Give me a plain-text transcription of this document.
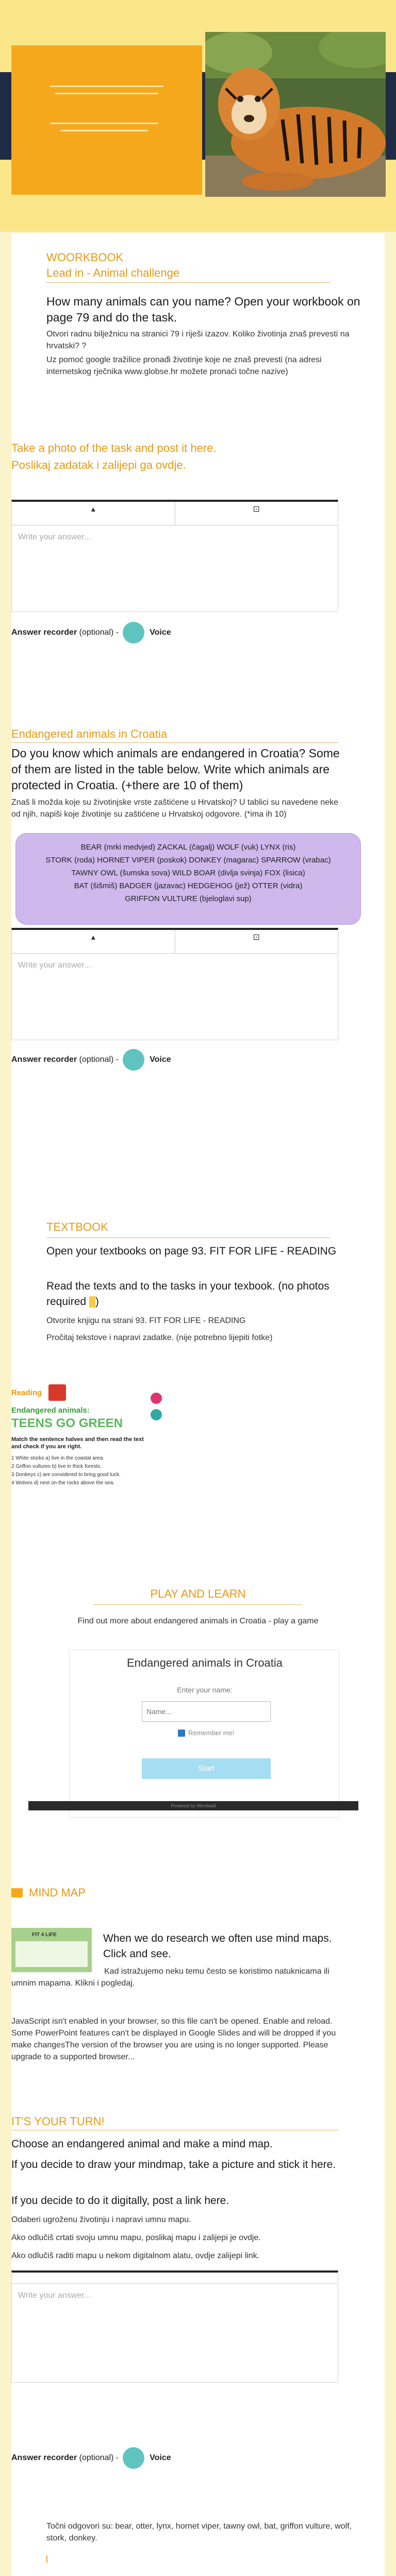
WOORKBOOK
Lead in - Animal challenge
How many animals can you name? Open your workbook on page 79 and do the task.
Otvori radnu bilježnicu na stranici 79 i riješi izazov. Koliko životinja znaš prevesti na hrvatski? ?
Uz pomoć google tražilice pronađi životinje koje ne znaš prevesti (na adresi internetskog rječnika www.globse.hr možete pronaći točne nazive)
Take a photo of the task and post it here.
Poslikaj zadatak i zalijepi ga ovdje.
▴	⊡
Write your answer...
Answer recorder
(optional) -	Voice
Endangered animals in Croatia
Do you know which animals are endangered in Croatia? Some of them are listed in the table below. Write which animals are protected in Croatia. (+there are 10 of them)
Znaš li možda koje su životinjske vrste zaštićene u Hrvatskoj? U tablici su navedene neke od njih, napiši koje životinje su zaštićene u Hrvatskoj odgovore. (*ima ih 10)
BEAR (mrki medvjed) ZACKAL (čagalj) WOLF (vuk) LYNX (ris)
STORK (roda) HORNET VIPER (poskok) DONKEY (magarac) SPARROW (vrabac)
TAWNY OWL (šumska sova) WILD BOAR (divlja svinja) FOX (lisica)
BAT (šišmiš) BADGER (jazavac) HEDGEHOG (jež) OTTER (vidra)
GRIFFON VULTURE (bjeloglavi sup)
▴	⊡
Write your answer...
Answer recorder
(optional) -	Voice
TEXTBOOK
Open your textbooks on page 93. FIT FOR LIFE - READING
Read the texts and to the tasks in your texbook. (no photos required )
Otvorite knjigu na strani 93. FIT FOR LIFE - READING
Pročitaj tekstove i napravi zadatke. (nije potrebno lijepiti fotke)
Reading
Endangered animals:
TEENS GO GREEN
Match the sentence halves and then read the text and check if you are right.
1 White storks a) live in the coastal area.
2 Griffon vultures b) live in thick forests.
3 Donkeys c) are considered to bring good luck.
4 Wolves d) nest on the rocks above the sea.
PLAY AND LEARN
Find out more about endangered animals in Croatia - play a game
Endangered animals in Croatia
Enter your name:
Name...
Remember me!
Start
Powered by Wordwall
MIND MAP
FIT 4 LIFE	When we do research we often use mind maps. Click and see.
Kad istražujemo neku temu često se koristimo natuknicama ili umnim mapama. Klikni i pogledaj.
JavaScript isn't enabled in your browser, so this file can't be opened. Enable and reload. Some PowerPoint features can't be displayed in Google Slides and will be dropped if you make changesThe version of the browser you are using is no longer supported. Please upgrade to a supported browser...
IT'S YOUR TURN!
Choose an endangered animal and make a mind map.
If you decide to draw your mindmap, take a picture and stick it here.
If you decide to do it digitally, post a link here.
Odaberi ugroženu životinju i napravi umnu mapu.
Ako odlučiš crtati svoju umnu mapu, poslikaj mapu i zalijepi je ovdje.
Ako odlučiš raditi mapu u nekom digitalnom alatu, ovdje zalijepi link.
Write your answer...
Answer recorder
(optional) -	Voice
Točni odgovori su: bear, otter, lynx, hornet viper, tawny owl, bat, griffon vulture, wolf, stork, donkey.
